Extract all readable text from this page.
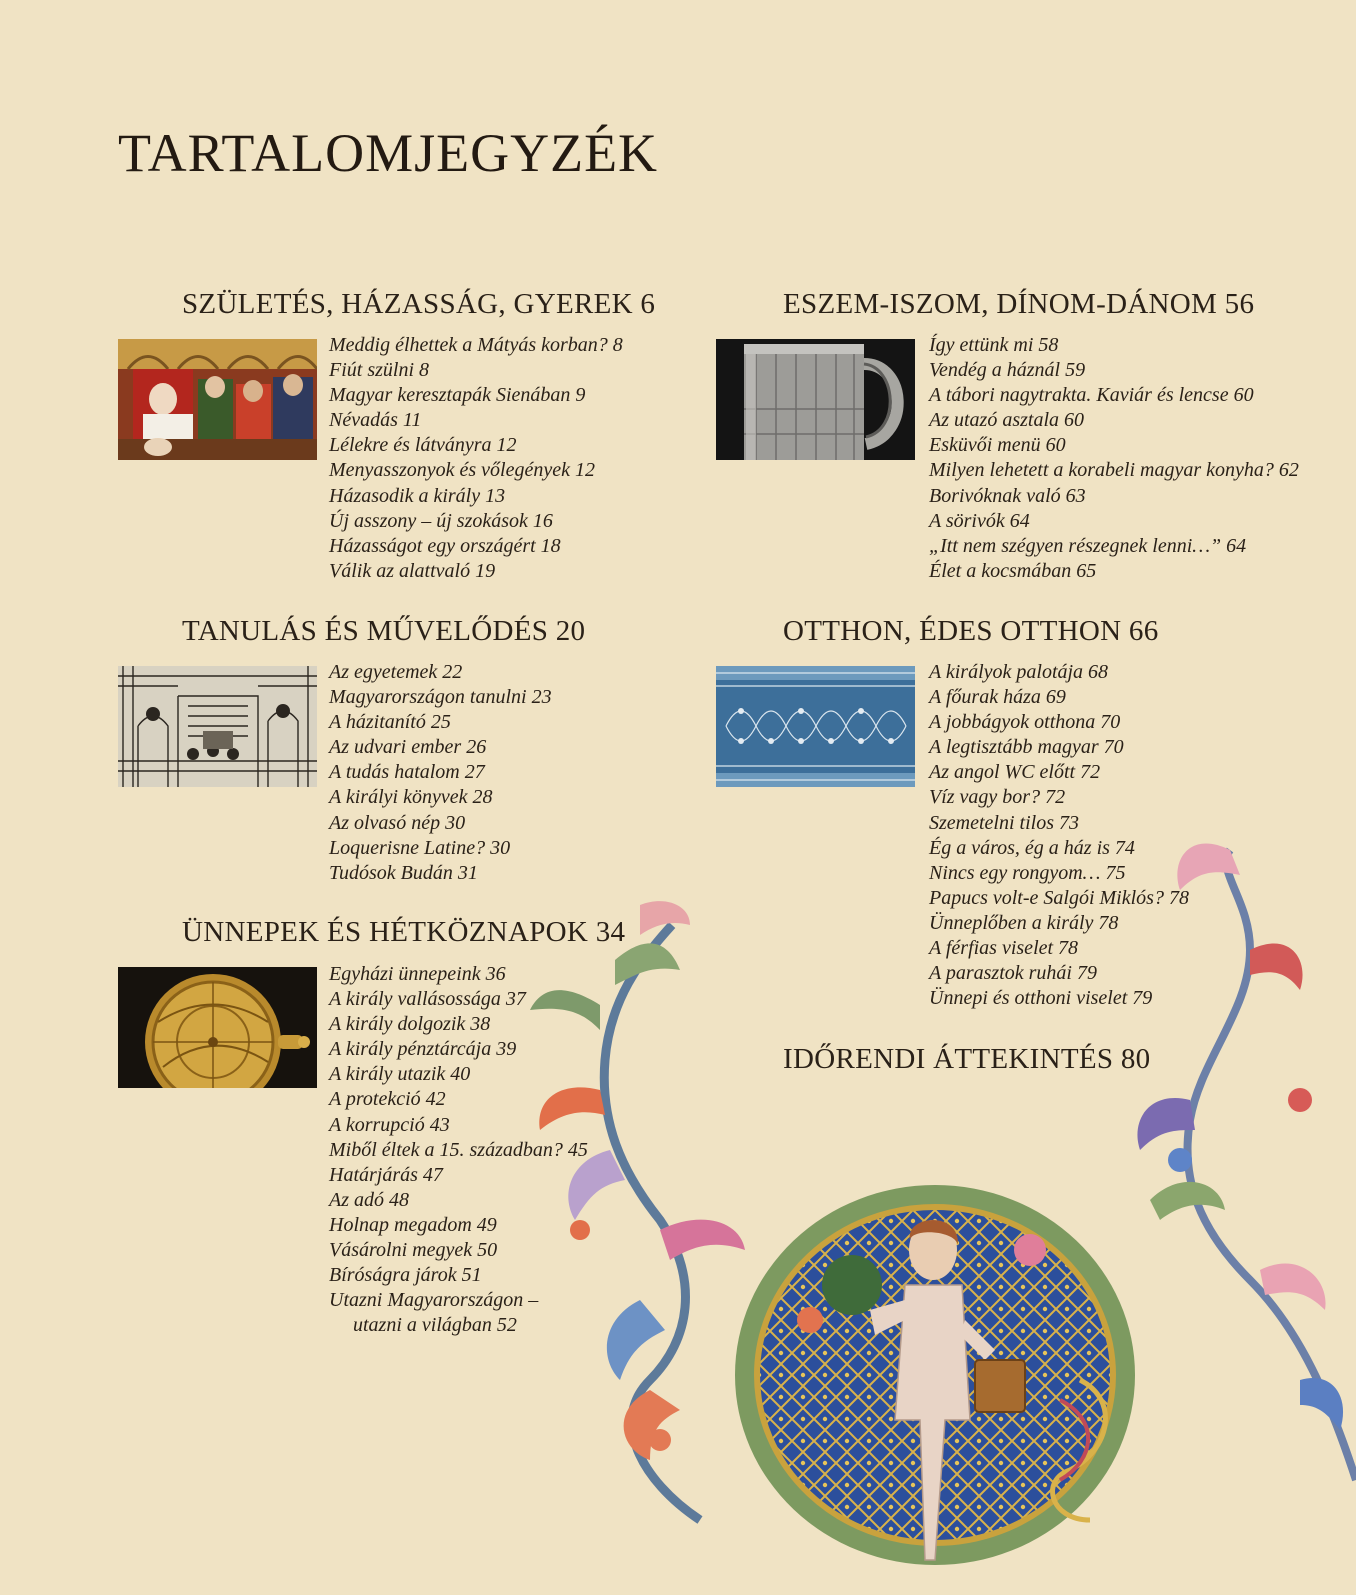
TARTALOMJEGYZÉK
SZÜLETÉS, HÁZASSÁG, GYEREK 6
Meddig élhettek a Mátyás korban? 8
Fiút szülni 8
Magyar keresztapák Sienában 9
Névadás 11
Lélekre és látványra 12
Menyasszonyok és vőlegények 12
Házasodik a király 13
Új asszony – új szokások 16
Házasságot egy országért 18
Válik az alattvaló 19
TANULÁS ÉS MŰVELŐDÉS 20
Az egyetemek 22
Magyarországon tanulni 23
A házitanító 25
Az udvari ember 26
A tudás hatalom 27
A királyi könyvek 28
Az olvasó nép 30
Loquerisne Latine? 30
Tudósok Budán 31
ÜNNEPEK ÉS HÉTKÖZNAPOK 34
Egyházi ünnepeink 36
A király vallásossága 37
A király dolgozik 38
A király pénztárcája 39
A király utazik 40
A protekció 42
A korrupció 43
Miből éltek a 15. században? 45
Határjárás 47
Az adó 48
Holnap megadom 49
Vásárolni megyek 50
Bíróságra járok 51
Utazni Magyarországon –
utazni a világban 52
ESZEM-ISZOM, DÍNOM-DÁNOM 56
Így ettünk mi 58
Vendég a háznál 59
A tábori nagytrakta. Kaviár és lencse 60
Az utazó asztala 60
Esküvői menü 60
Milyen lehetett a korabeli magyar konyha? 62
Borivóknak való 63
A sörivók 64
„Itt nem szégyen részegnek lenni…” 64
Élet a kocsmában 65
OTTHON, ÉDES OTTHON 66
A királyok palotája 68
A főurak háza 69
A jobbágyok otthona 70
A legtisztább magyar 70
Az angol WC előtt 72
Víz vagy bor? 72
Szemetelni tilos 73
Ég a város, ég a ház is 74
Nincs egy rongyom… 75
Papucs volt-e Salgói Miklós? 78
Ünneplőben a király 78
A férfias viselet 78
A parasztok ruhái 79
Ünnepi és otthoni viselet 79
IDŐRENDI ÁTTEKINTÉS 80
